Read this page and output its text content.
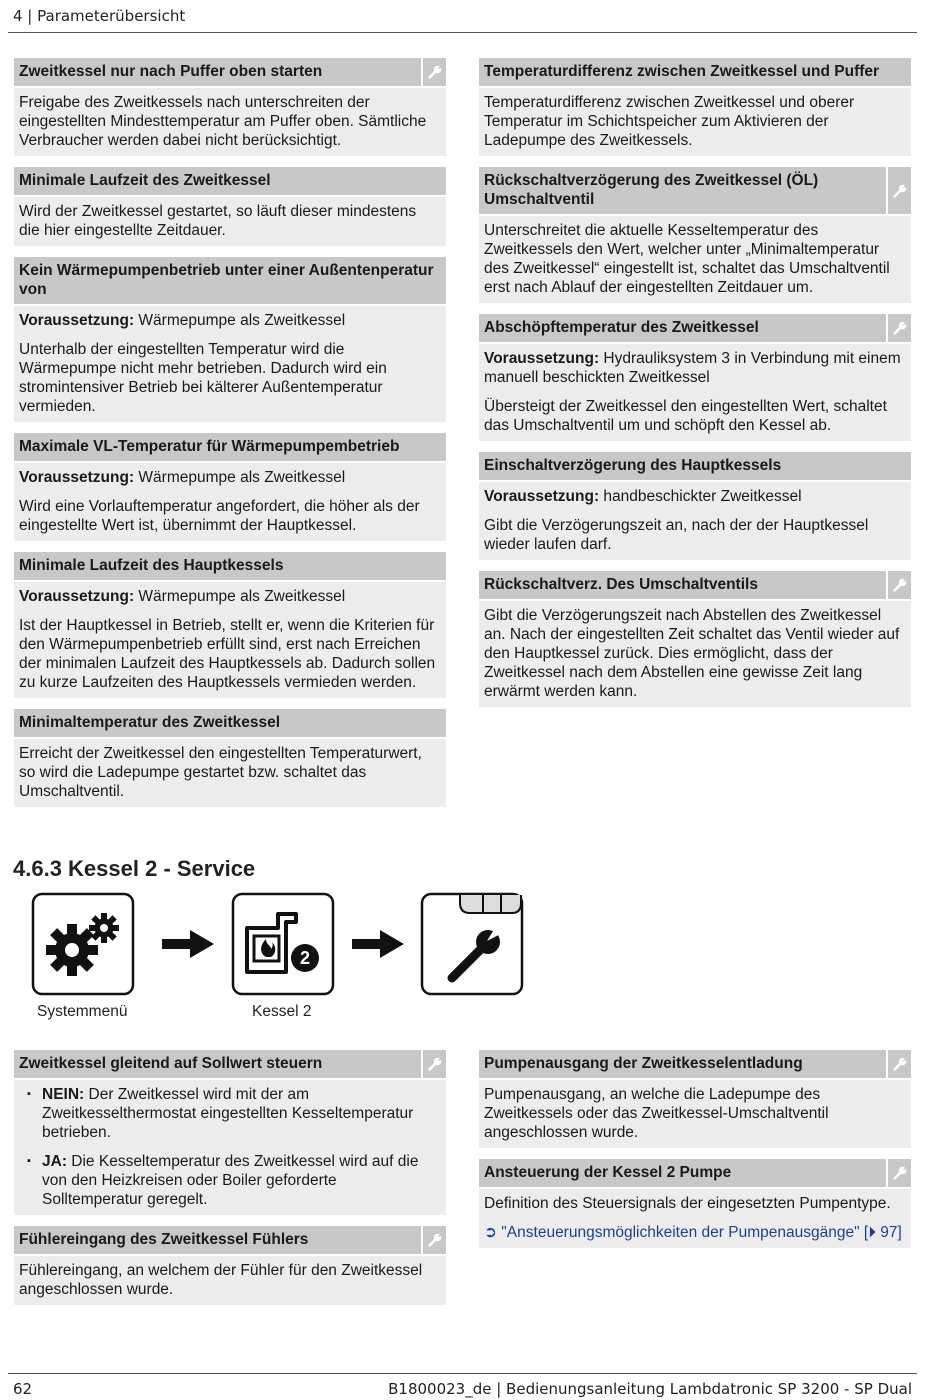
4 | Parameterübersicht
Zweitkessel nur nach Puffer oben starten

Freigabe des Zweitkessels nach unterschreiten der eingestellten Mindesttemperatur am Puffer oben. Sämtliche Verbraucher werden dabei nicht berücksichtigt.

Minimale Laufzeit des Zweitkessel

Wird der Zweitkessel gestartet, so läuft dieser mindestens die hier eingestellte Zeitdauer.

Kein Wärmepumpenbetrieb unter einer Außentenperatur von

Voraussetzung: Wärmepumpe als Zweitkessel

Unterhalb der eingestellten Temperatur wird die Wärmepumpe nicht mehr betrieben. Dadurch wird ein stromintensiver Betrieb bei kälterer Außentemperatur vermieden.

Maximale VL-Temperatur für Wärmepumpembetrieb

Voraussetzung: Wärmepumpe als Zweitkessel

Wird eine Vorlauftemperatur angefordert, die höher als der eingestellte Wert ist, übernimmt der Hauptkessel.

Minimale Laufzeit des Hauptkessels

Voraussetzung: Wärmepumpe als Zweitkessel

Ist der Hauptkessel in Betrieb, stellt er, wenn die Kriterien für den Wärmepumpenbetrieb erfüllt sind, erst nach Erreichen der minimalen Laufzeit des Hauptkessels ab. Dadurch sollen zu kurze Laufzeiten des Hauptkessels vermieden werden.

Minimaltemperatur des Zweitkessel

Erreicht der Zweitkessel den eingestellten Temperaturwert, so wird die Ladepumpe gestartet bzw. schaltet das Umschaltventil.

Temperaturdifferenz zwischen Zweitkessel und Puffer

Temperaturdifferenz zwischen Zweitkessel und oberer Temperatur im Schichtspeicher zum Aktivieren der Ladepumpe des Zweitkessels.

Rückschaltverzögerung des Zweitkessel (ÖL) Umschaltventil

Unterschreitet die aktuelle Kesseltemperatur des Zweitkessels den Wert, welcher unter „Minimaltemperatur des Zweitkessel“ eingestellt ist, schaltet das Umschaltventil erst nach Ablauf der eingestellten Zeitdauer um.

Abschöpftemperatur des Zweitkessel

Voraussetzung: Hydrauliksystem 3 in Verbindung mit einem manuell beschickten Zweitkessel

Übersteigt der Zweitkessel den eingestellten Wert, schaltet das Umschaltventil um und schöpft den Kessel ab.

Einschaltverzögerung des Hauptkessels

Voraussetzung: handbeschickter Zweitkessel

Gibt die Verzögerungszeit an, nach der der Hauptkessel wieder laufen darf.

Rückschaltverz. Des Umschaltventils

Gibt die Verzögerungszeit nach Abstellen des Zweitkessel an. Nach der eingestellten Zeit schaltet das Ventil wieder auf den Hauptkessel zurück. Dies ermöglicht, dass der Zweitkessel nach dem Abstellen eine gewisse Zeit lang erwärmt werden kann.

4.6.3 Kessel 2 - Service
2
Systemmenü	Kessel 2
Zweitkessel gleitend auf Sollwert steuern
▪ NEIN: Der Zweitkessel wird mit der am Zweitkesselthermostat eingestellten Kesseltemperatur betrieben.
▪ JA: Die Kesseltemperatur des Zweitkessel wird auf die von den Heizkreisen oder Boiler geforderte Solltemperatur geregelt.
Fühlereingang des Zweitkessel Fühlers

Fühlereingang, an welchem der Fühler für den Zweitkessel angeschlossen wurde.

Pumpenausgang der Zweitkesselentladung

Pumpenausgang, an welche die Ladepumpe des Zweitkessels oder das Zweitkessel-Umschaltventil angeschlossen wurde.

Ansteuerung der Kessel 2 Pumpe

Definition des Steuersignals der eingesetzten Pumpentype.

➲ "Ansteuerungsmöglichkeiten der Pumpenausgänge" [⏵ 97]

62	B1800023_de | Bedienungsanleitung Lambdatronic SP 3200 - SP Dual
